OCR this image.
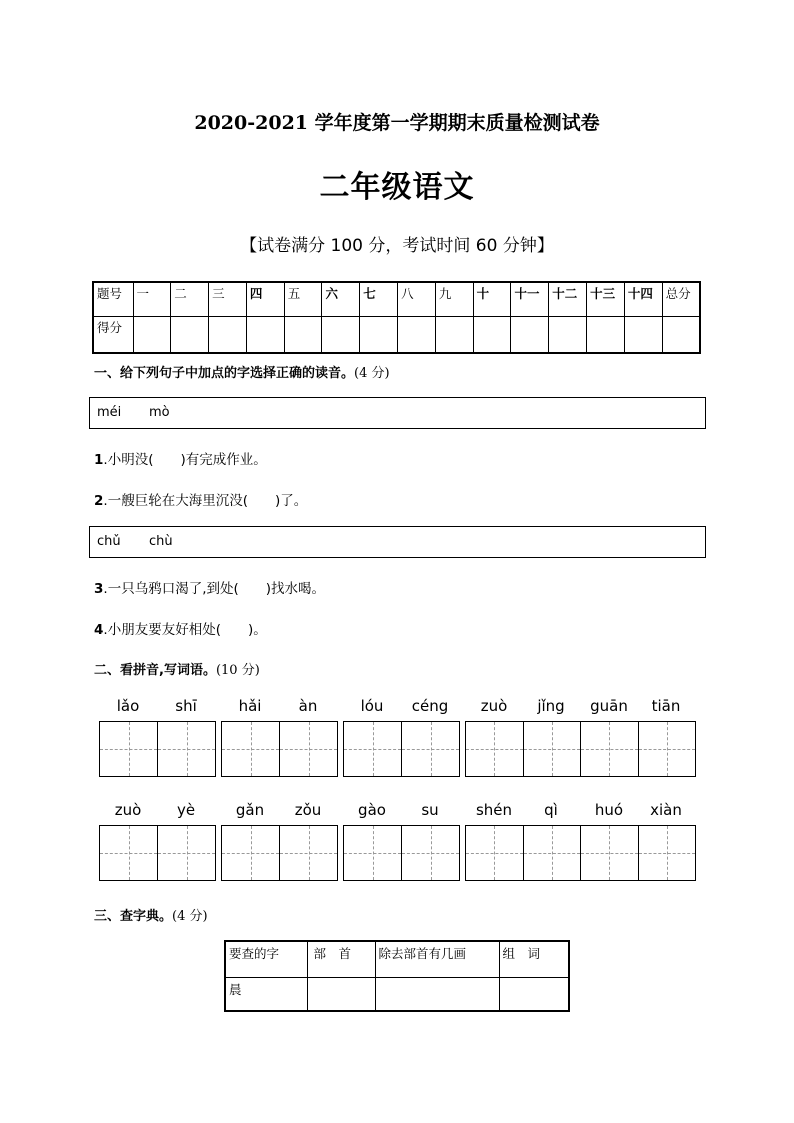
2020-2021 学年度第一学期期末质量检测试卷
二年级语文
【试卷满分 100 分，考试时间 60 分钟】
题号	一	二	三	四	五	六	七	八	九	十	十一	十二	十三	十四	总分
得分															
一、给下列句子中加点的字选择正确的读音。(4 分)
méi mò
1.小明没(　　)有完成作业。
2.一艘巨轮在大海里沉没(　　)了。
chǔ chù
3.一只乌鸦口渴了,到处(　　)找水喝。
4.小朋友要友好相处(　　)。
二、看拼音,写词语。(10 分)
lǎo	shī	hǎi	àn	lóu	céng	zuò	jǐng	guān	tiān
zuò	yè	gǎn	zǒu	gào	su	shén	qì	huó	xiàn
三、查字典。(4 分)
要查的字	部　首	除去部首有几画	组　词
晨			
